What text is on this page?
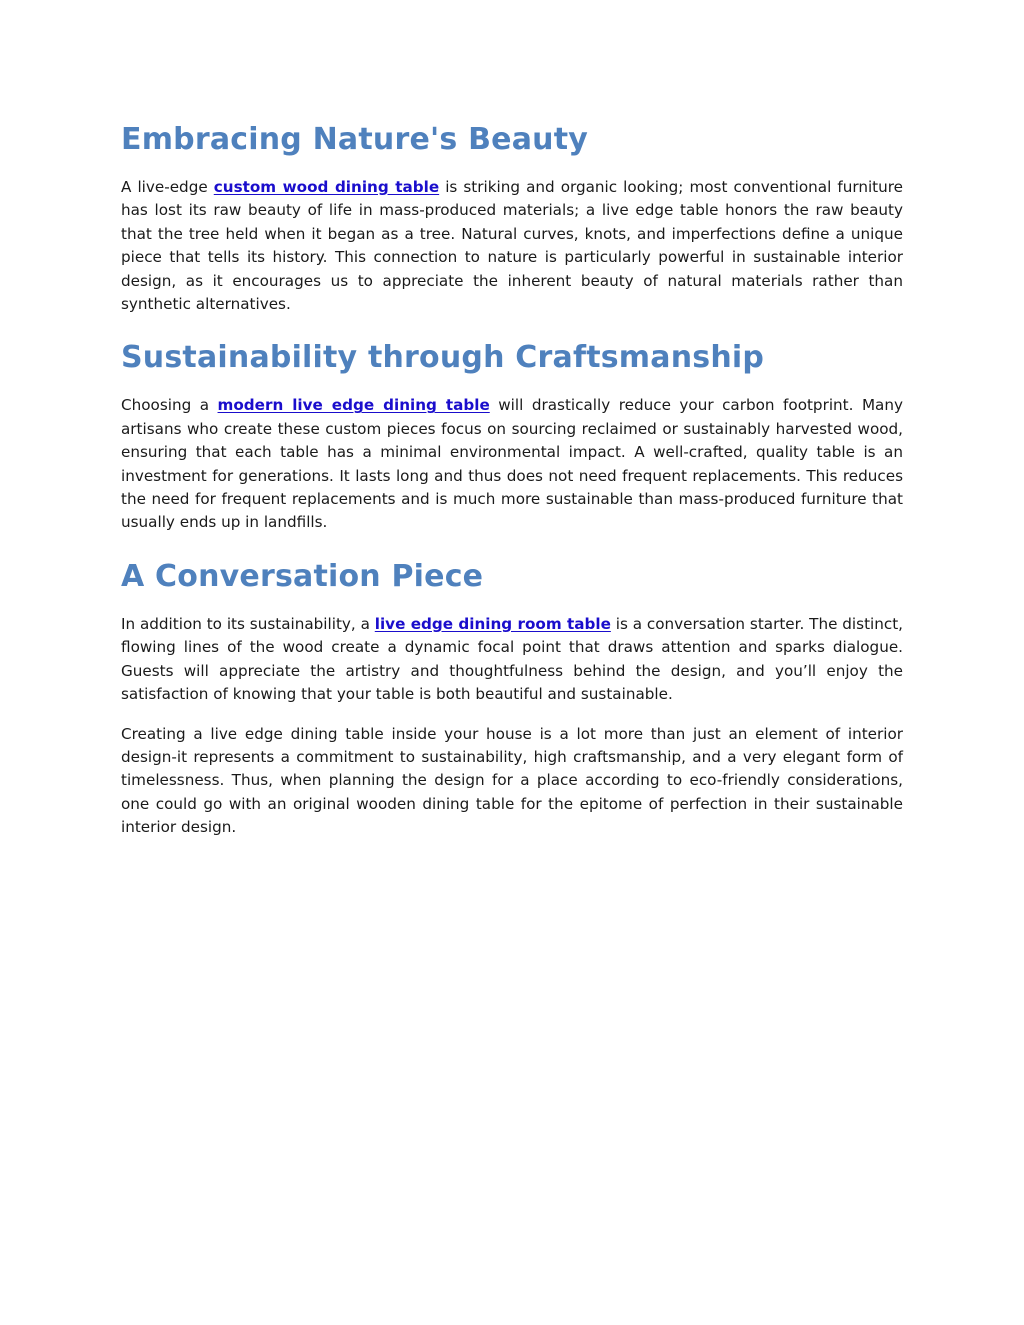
Embracing Nature's Beauty

A live-edge custom wood dining table is striking and organic looking; most conventional furniture has lost its raw beauty of life in mass-produced materials; a live edge table honors the raw beauty that the tree held when it began as a tree. Natural curves, knots, and imperfections define a unique piece that tells its history. This connection to nature is particularly powerful in sustainable interior design, as it encourages us to appreciate the inherent beauty of natural materials rather than synthetic alternatives.

Sustainability through Craftsmanship

Choosing a modern live edge dining table will drastically reduce your carbon footprint. Many artisans who create these custom pieces focus on sourcing reclaimed or sustainably harvested wood, ensuring that each table has a minimal environmental impact. A well-crafted, quality table is an investment for generations. It lasts long and thus does not need frequent replacements. This reduces the need for frequent replacements and is much more sustainable than mass-produced furniture that usually ends up in landfills.

A Conversation Piece

In addition to its sustainability, a live edge dining room table is a conversation starter. The distinct, flowing lines of the wood create a dynamic focal point that draws attention and sparks dialogue. Guests will appreciate the artistry and thoughtfulness behind the design, and you’ll enjoy the satisfaction of knowing that your table is both beautiful and sustainable.

Creating a live edge dining table inside your house is a lot more than just an element of interior design-it represents a commitment to sustainability, high craftsmanship, and a very elegant form of timelessness. Thus, when planning the design for a place according to eco-friendly considerations, one could go with an original wooden dining table for the epitome of perfection in their sustainable interior design.
